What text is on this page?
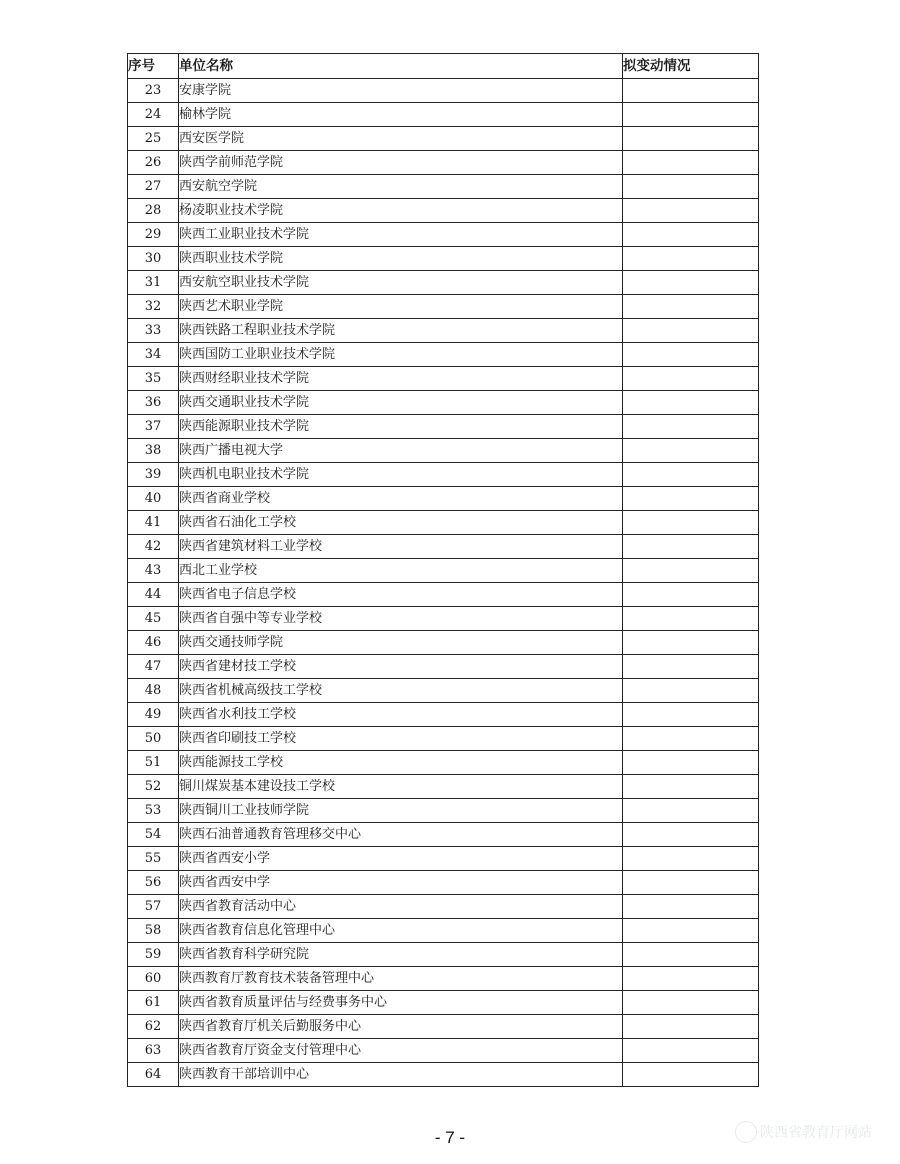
序号	单位名称	拟变动情况
23	安康学院	
24	榆林学院	
25	西安医学院	
26	陕西学前师范学院	
27	西安航空学院	
28	杨凌职业技术学院	
29	陕西工业职业技术学院	
30	陕西职业技术学院	
31	西安航空职业技术学院	
32	陕西艺术职业学院	
33	陕西铁路工程职业技术学院	
34	陕西国防工业职业技术学院	
35	陕西财经职业技术学院	
36	陕西交通职业技术学院	
37	陕西能源职业技术学院	
38	陕西广播电视大学	
39	陕西机电职业技术学院	
40	陕西省商业学校	
41	陕西省石油化工学校	
42	陕西省建筑材料工业学校	
43	西北工业学校	
44	陕西省电子信息学校	
45	陕西省自强中等专业学校	
46	陕西交通技师学院	
47	陕西省建材技工学校	
48	陕西省机械高级技工学校	
49	陕西省水利技工学校	
50	陕西省印刷技工学校	
51	陕西能源技工学校	
52	铜川煤炭基本建设技工学校	
53	陕西铜川工业技师学院	
54	陕西石油普通教育管理移交中心	
55	陕西省西安小学	
56	陕西省西安中学	
57	陕西省教育活动中心	
58	陕西省教育信息化管理中心	
59	陕西省教育科学研究院	
60	陕西教育厅教育技术装备管理中心	
61	陕西省教育质量评估与经费事务中心	
62	陕西省教育厅机关后勤服务中心	
63	陕西省教育厅资金支付管理中心	
64	陕西教育干部培训中心	
- 7 -	陕西省教育厅网站
